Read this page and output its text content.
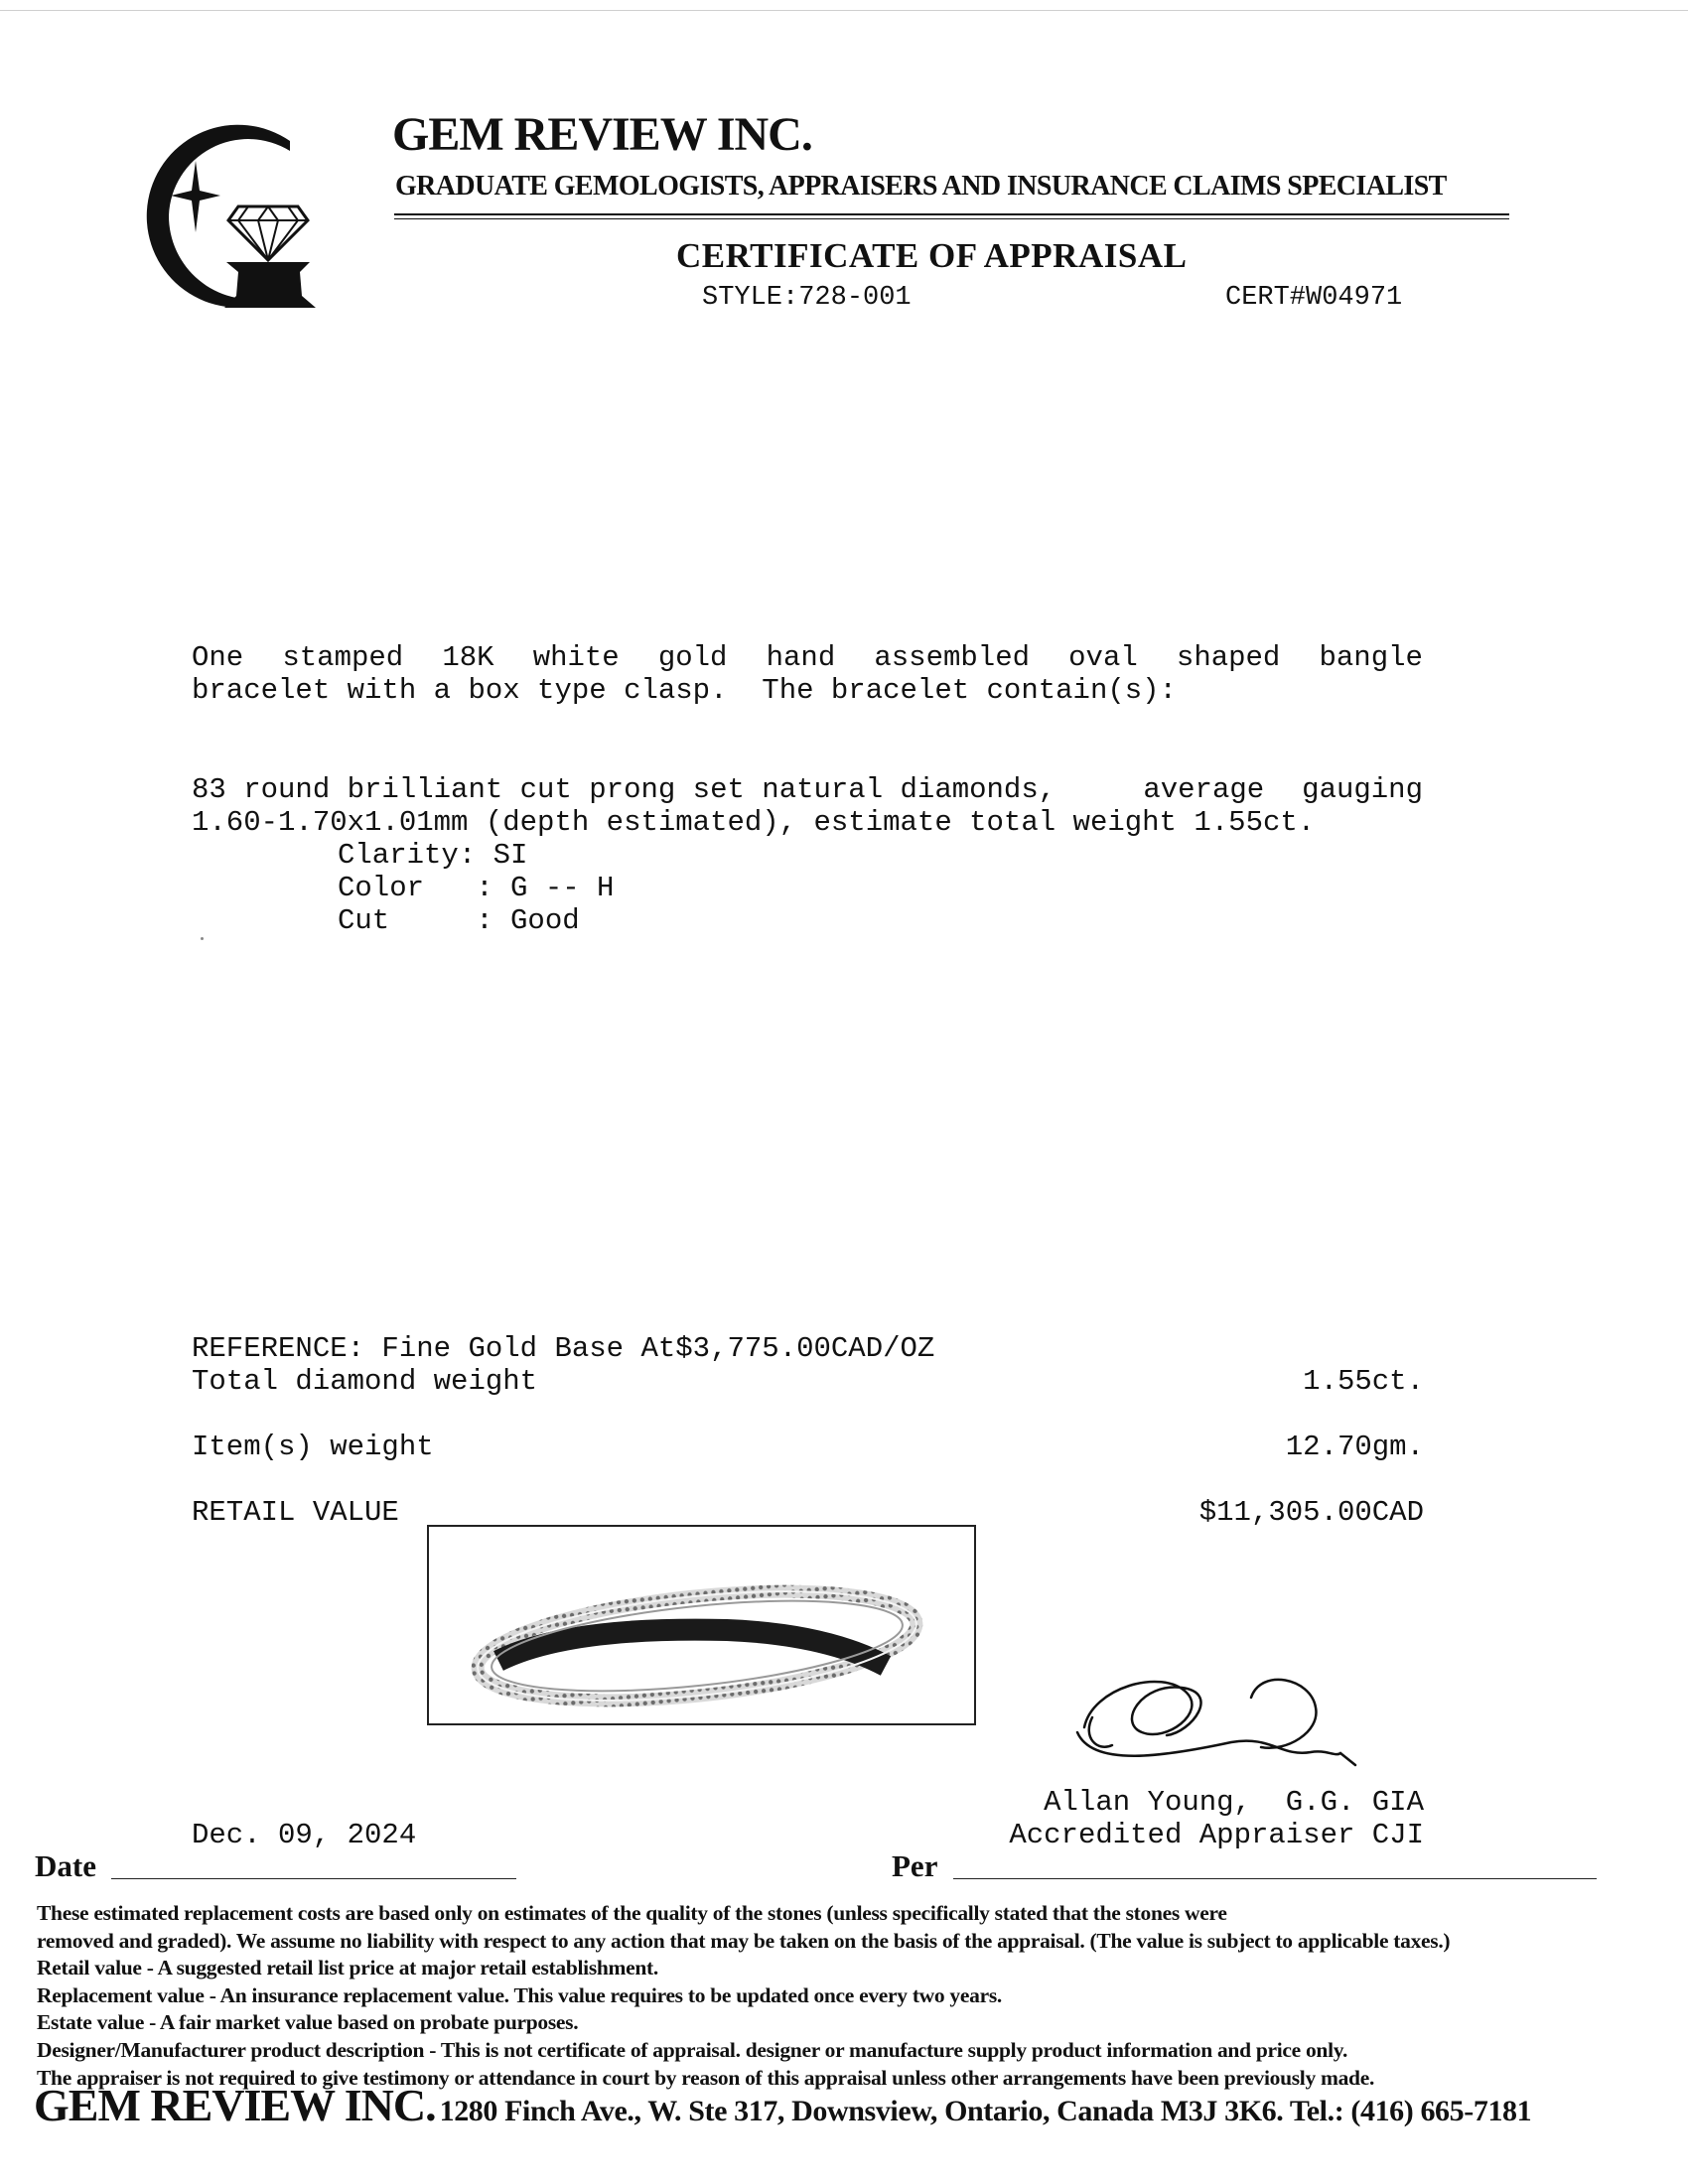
GEM REVIEW INC.
GRADUATE GEMOLOGISTS, APPRAISERS AND INSURANCE CLAIMS SPECIALIST
CERTIFICATE OF APPRAISAL
STYLE:728-001	CERT#W04971
One stamped 18K white gold hand assembled oval shaped bangle
bracelet with a box type clasp.  The bracelet contain(s):
83 round brilliant cut prong set natural diamonds,	average gauging
1.60-1.70x1.01mm (depth estimated), estimate total weight 1.55ct.
Clarity: SI
Color   : G -- H
Cut     : Good
REFERENCE: Fine Gold Base At$3,775.00CAD/OZ
Total diamond weight	1.55ct.
Item(s) weight	12.70gm.
RETAIL VALUE	$11,305.00CAD
Dec. 09, 2024
Date	Per
Allan Young,  G.G. GIA
Accredited Appraiser CJI
These estimated replacement costs are based only on estimates of the quality of the stones (unless specifically stated that the stones were
removed and graded). We assume no liability with respect to any action that may be taken on the basis of the appraisal. (The value is subject to applicable taxes.)
Retail value - A suggested retail list price at major retail establishment.
Replacement value - An insurance replacement value. This value requires to be updated once every two years.
Estate value - A fair market value based on probate purposes.
Designer/Manufacturer product description - This is not certificate of appraisal. designer or manufacture supply product information and price only.
The appraiser is not required to give testimony or attendance in court by reason of this appraisal unless other arrangements have been previously made.
GEM REVIEW INC. 1280 Finch Ave., W. Ste 317, Downsview, Ontario, Canada M3J 3K6. Tel.: (416) 665-7181
